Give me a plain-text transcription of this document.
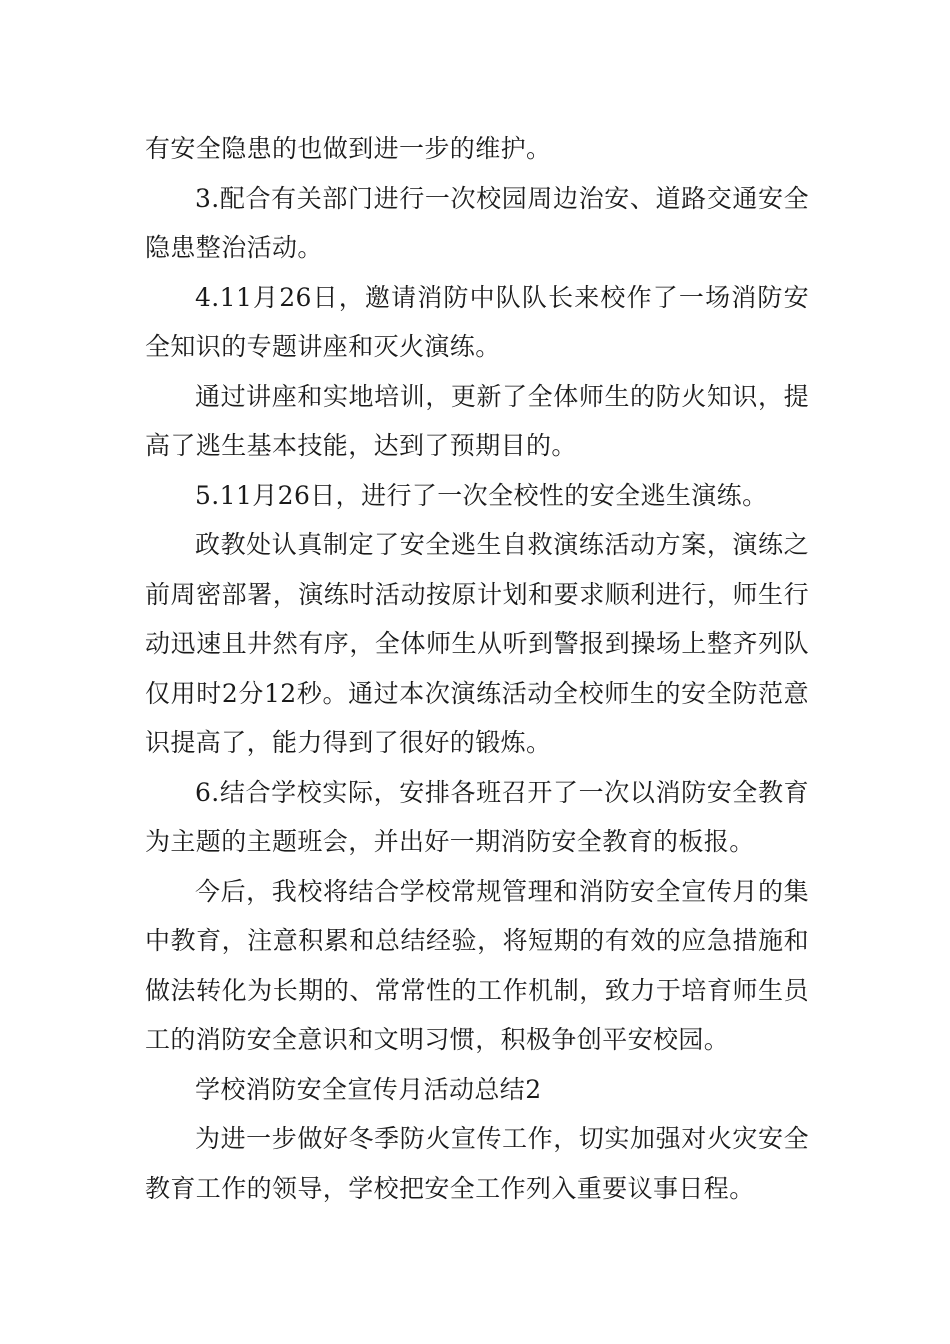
有安全隐患的也做到进一步的维护。

3.配合有关部门进行一次校园周边治安、道路交通安全隐患整治活动。

4.11月26日，邀请消防中队队长来校作了一场消防安全知识的专题讲座和灭火演练。

通过讲座和实地培训，更新了全体师生的防火知识，提高了逃生基本技能，达到了预期目的。

5.11月26日，进行了一次全校性的安全逃生演练。

政教处认真制定了安全逃生自救演练活动方案，演练之前周密部署，演练时活动按原计划和要求顺利进行，师生行动迅速且井然有序，全体师生从听到警报到操场上整齐列队仅用时2分12秒。通过本次演练活动全校师生的安全防范意识提高了，能力得到了很好的锻炼。

6.结合学校实际，安排各班召开了一次以消防安全教育为主题的主题班会，并出好一期消防安全教育的板报。

今后，我校将结合学校常规管理和消防安全宣传月的集中教育，注意积累和总结经验，将短期的有效的应急措施和做法转化为长期的、常常性的工作机制，致力于培育师生员工的消防安全意识和文明习惯，积极争创平安校园。

学校消防安全宣传月活动总结2

为进一步做好冬季防火宣传工作，切实加强对火灾安全教育工作的领导，学校把安全工作列入重要议事日程。
